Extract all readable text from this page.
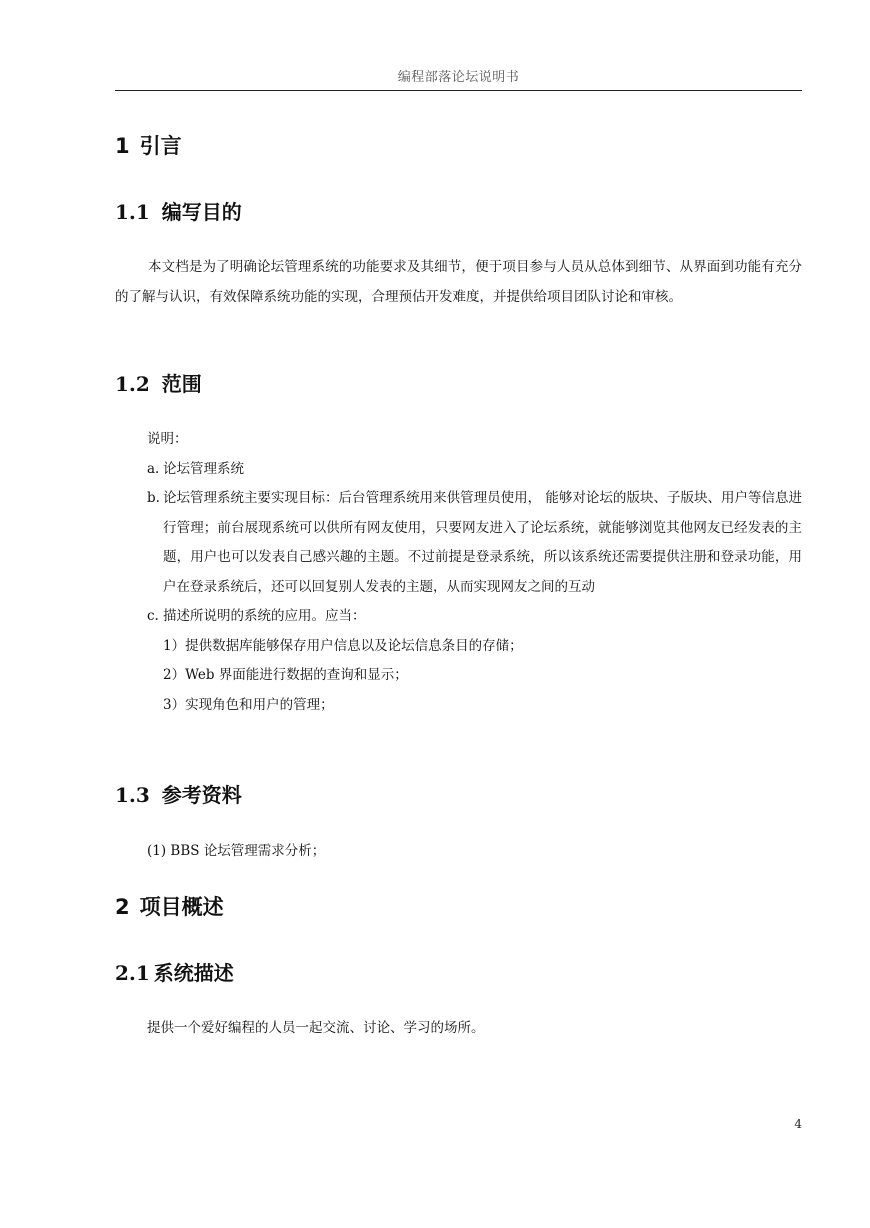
编程部落论坛说明书
1 引言
1.1 编写目的

本文档是为了明确论坛管理系统的功能要求及其细节，便于项目参与人员从总体到细节、从界面到功能有充分的了解与认识，有效保障系统功能的实现，合理预估开发难度，并提供给项目团队讨论和审核。

1.2 范围

说明：

a. 论坛管理系统

b. 论坛管理系统主要实现目标：后台管理系统用来供管理员使用， 能够对论坛的版块、子版块、用户等信息进行管理；前台展现系统可以供所有网友使用，只要网友进入了论坛系统，就能够浏览其他网友已经发表的主题，用户也可以发表自己感兴趣的主题。不过前提是登录系统，所以该系统还需要提供注册和登录功能，用户在登录系统后，还可以回复别人发表的主题，从而实现网友之间的互动

c. 描述所说明的系统的应用。应当：

1）提供数据库能够保存用户信息以及论坛信息条目的存储；

2）Web 界面能进行数据的查询和显示；

3）实现角色和用户的管理；

1.3 参考资料

(1) BBS 论坛管理需求分析；

2 项目概述
2.1 系统描述

提供一个爱好编程的人员一起交流、讨论、学习的场所。

4
